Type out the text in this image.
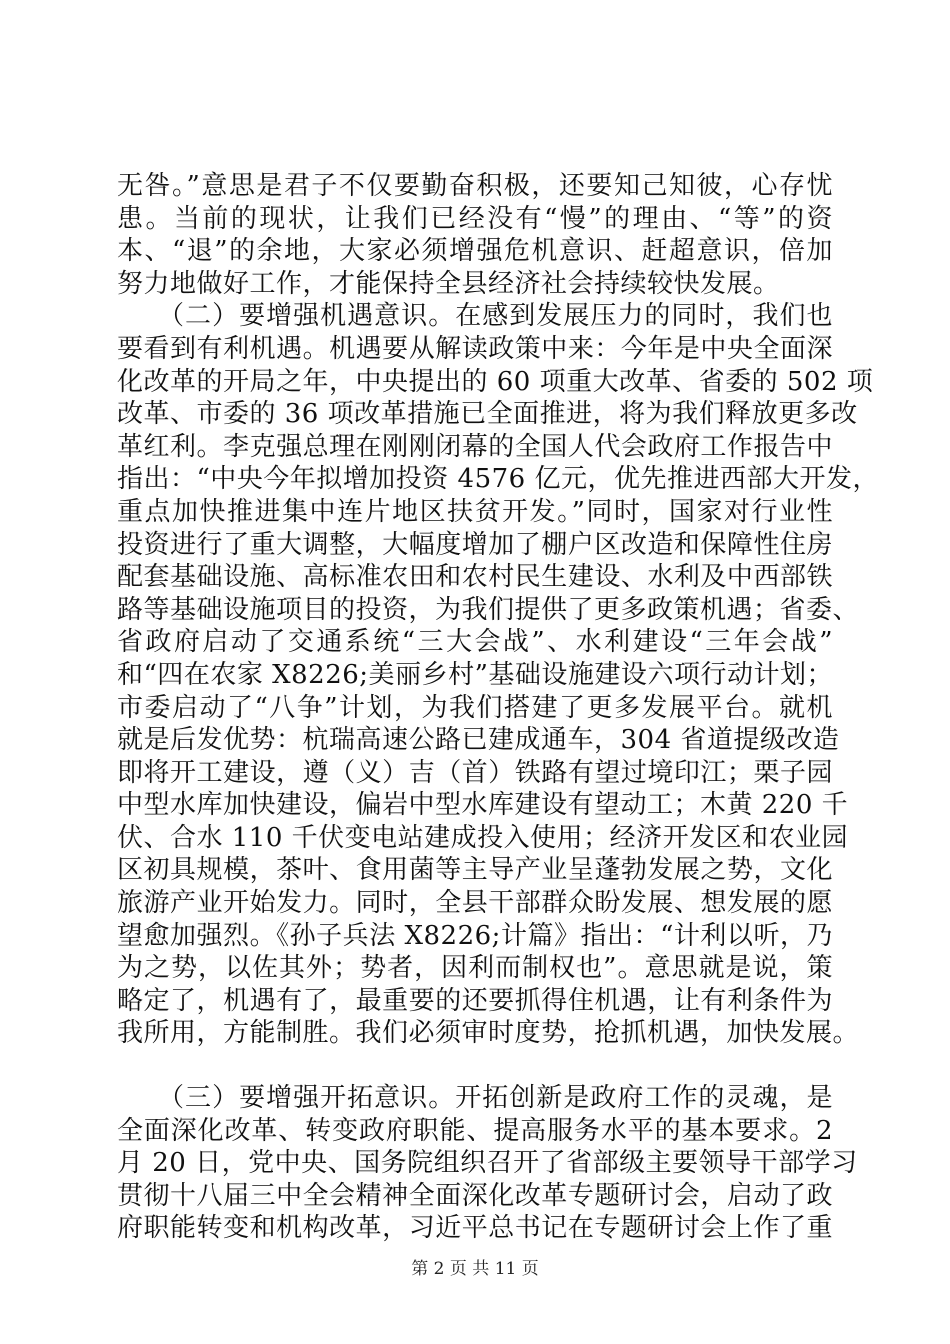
无咎。”意思是君子不仅要勤奋积极，还要知己知彼，心存忧
患。当前的现状，让我们已经没有“慢”的理由、“等”的资
本、“退”的余地，大家必须增强危机意识、赶超意识，倍加
努力地做好工作，才能保持全县经济社会持续较快发展。
　　（二）要增强机遇意识。在感到发展压力的同时，我们也
要看到有利机遇。机遇要从解读政策中来：今年是中央全面深
化改革的开局之年，中央提出的 60 项重大改革、省委的 502 项
改革、市委的 36 项改革措施已全面推进，将为我们释放更多改
革红利。李克强总理在刚刚闭幕的全国人代会政府工作报告中
指出：“中央今年拟增加投资 4576 亿元，优先推进西部大开发，
重点加快推进集中连片地区扶贫开发。”同时，国家对行业性
投资进行了重大调整，大幅度增加了棚户区改造和保障性住房
配套基础设施、高标准农田和农村民生建设、水利及中西部铁
路等基础设施项目的投资，为我们提供了更多政策机遇；省委、
省政府启动了交通系统“三大会战”、水利建设“三年会战”
和“四在农家 X8226;美丽乡村”基础设施建设六项行动计划；
市委启动了“八争”计划，为我们搭建了更多发展平台。就机
就是后发优势：杭瑞高速公路已建成通车，304 省道提级改造
即将开工建设，遵（义）吉（首）铁路有望过境印江；栗子园
中型水库加快建设，偏岩中型水库建设有望动工；木黄 220 千
伏、合水 110 千伏变电站建成投入使用；经济开发区和农业园
区初具规模，茶叶、食用菌等主导产业呈蓬勃发展之势，文化
旅游产业开始发力。同时，全县干部群众盼发展、想发展的愿
望愈加强烈。《孙子兵法 X8226;计篇》指出：“计利以听，乃
为之势，以佐其外；势者，因利而制权也”。意思就是说，策
略定了，机遇有了，最重要的还要抓得住机遇，让有利条件为
我所用，方能制胜。我们必须审时度势，抢抓机遇，加快发展。
　　（三）要增强开拓意识。开拓创新是政府工作的灵魂，是
全面深化改革、转变政府职能、提高服务水平的基本要求。2
月 20 日，党中央、国务院组织召开了省部级主要领导干部学习
贯彻十八届三中全会精神全面深化改革专题研讨会，启动了政
府职能转变和机构改革，习近平总书记在专题研讨会上作了重
第 2 页 共 11 页
